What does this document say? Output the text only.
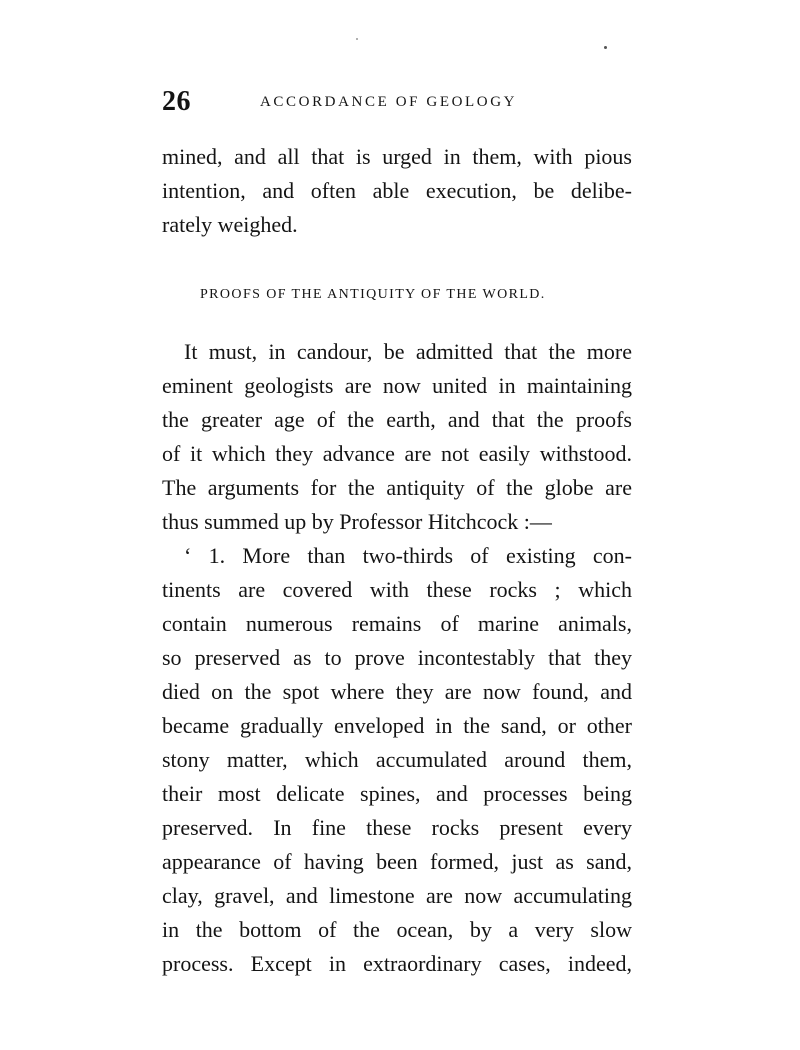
26	ACCORDANCE OF GEOLOGY
mined, and all that is urged in them, with pious
intention, and often able execution, be delibe-
rately weighed.
PROOFS OF THE ANTIQUITY OF THE WORLD.
It must, in candour, be admitted that the more
eminent geologists are now united in maintaining
the greater age of the earth, and that the proofs
of it which they advance are not easily withstood.
The arguments for the antiquity of the globe are
thus summed up by Professor Hitchcock :—
‘ 1. More than two-thirds of existing con-
tinents are covered with these rocks ; which
contain numerous remains of marine animals,
so preserved as to prove incontestably that they
died on the spot where they are now found, and
became gradually enveloped in the sand, or other
stony matter, which accumulated around them,
their most delicate spines, and processes being
preserved. In fine these rocks present every
appearance of having been formed, just as sand,
clay, gravel, and limestone are now accumulating
in the bottom of the ocean, by a very slow
process. Except in extraordinary cases, indeed,
